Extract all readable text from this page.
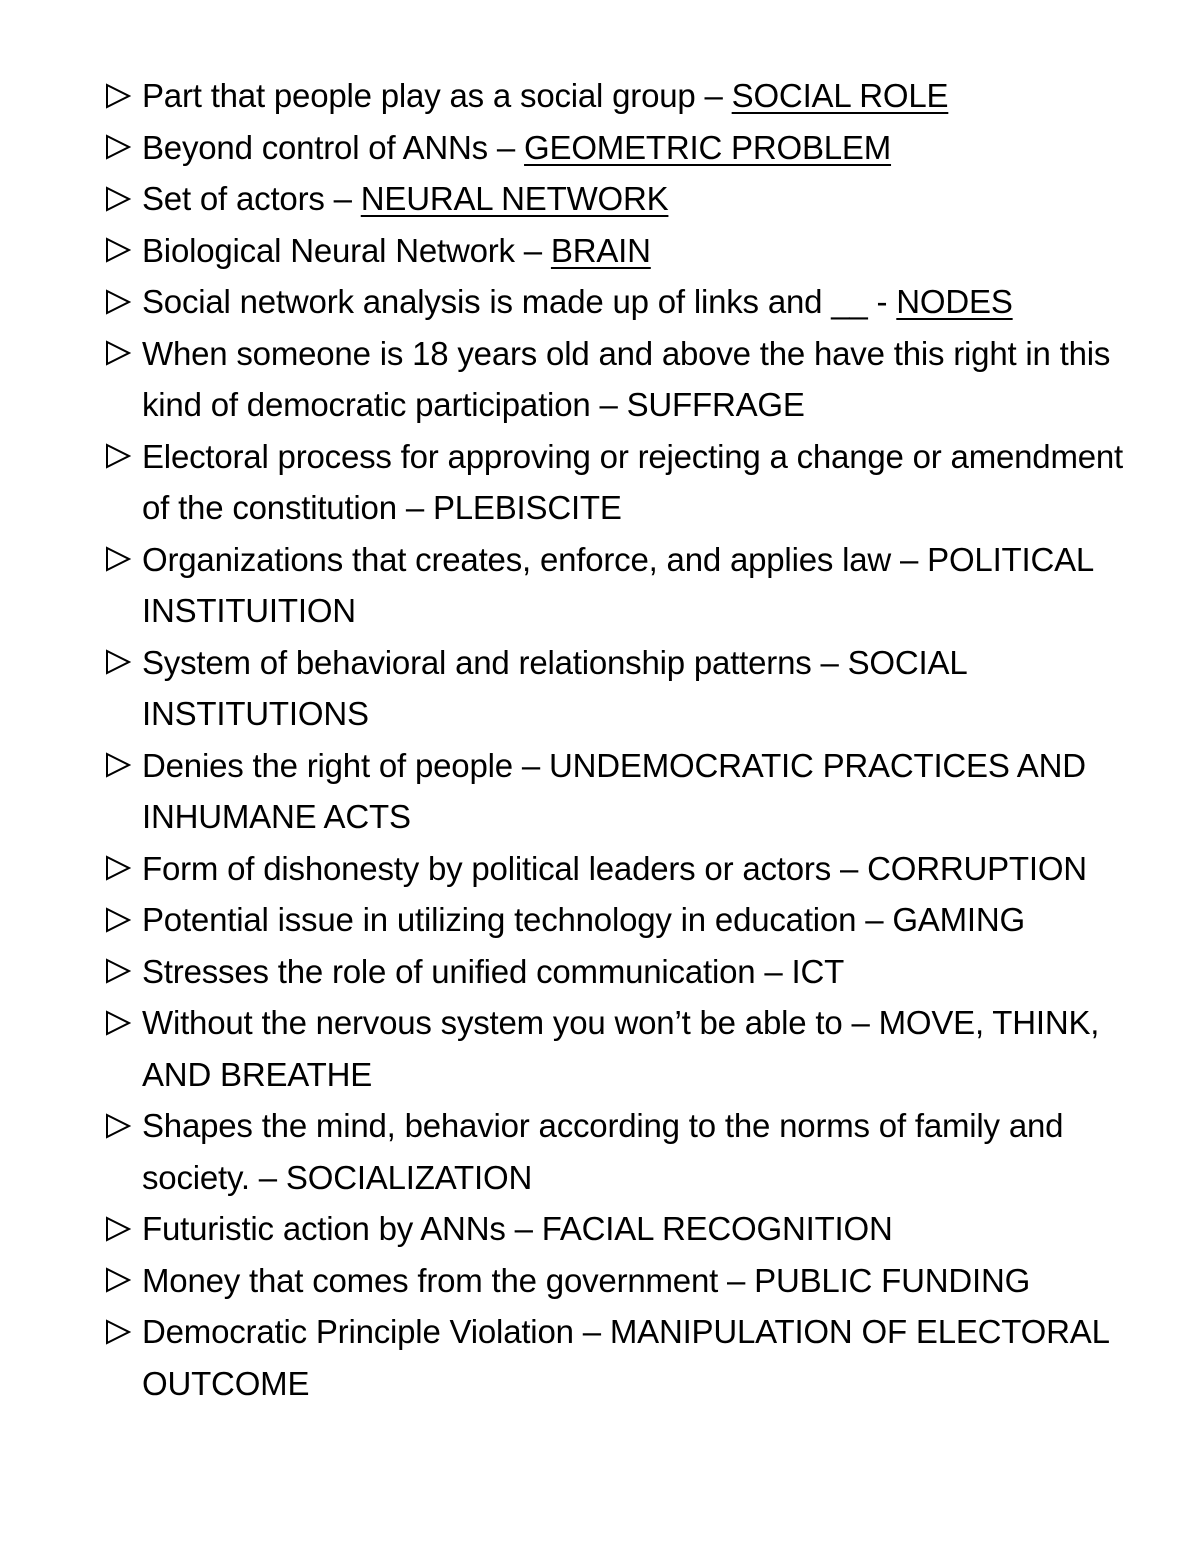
Part that people play as a social group – SOCIAL ROLE
Beyond control of ANNs – GEOMETRIC PROBLEM
Set of actors – NEURAL NETWORK
Biological Neural Network – BRAIN
Social network analysis is made up of links and __ - NODES
When someone is 18 years old and above the have this right in this kind of democratic participation – SUFFRAGE
Electoral process for approving or rejecting a change or amendment of the constitution – PLEBISCITE
Organizations that creates, enforce, and applies law – POLITICAL INSTITUITION
System of behavioral and relationship patterns – SOCIAL INSTITUTIONS
Denies the right of people – UNDEMOCRATIC PRACTICES AND INHUMANE ACTS
Form of dishonesty by political leaders or actors – CORRUPTION
Potential issue in utilizing technology in education – GAMING
Stresses the role of unified communication – ICT
Without the nervous system you won’t be able to – MOVE, THINK, AND BREATHE
Shapes the mind, behavior according to the norms of family and society. – SOCIALIZATION
Futuristic action by ANNs – FACIAL RECOGNITION
Money that comes from the government – PUBLIC FUNDING
Democratic Principle Violation – MANIPULATION OF ELECTORAL OUTCOME
